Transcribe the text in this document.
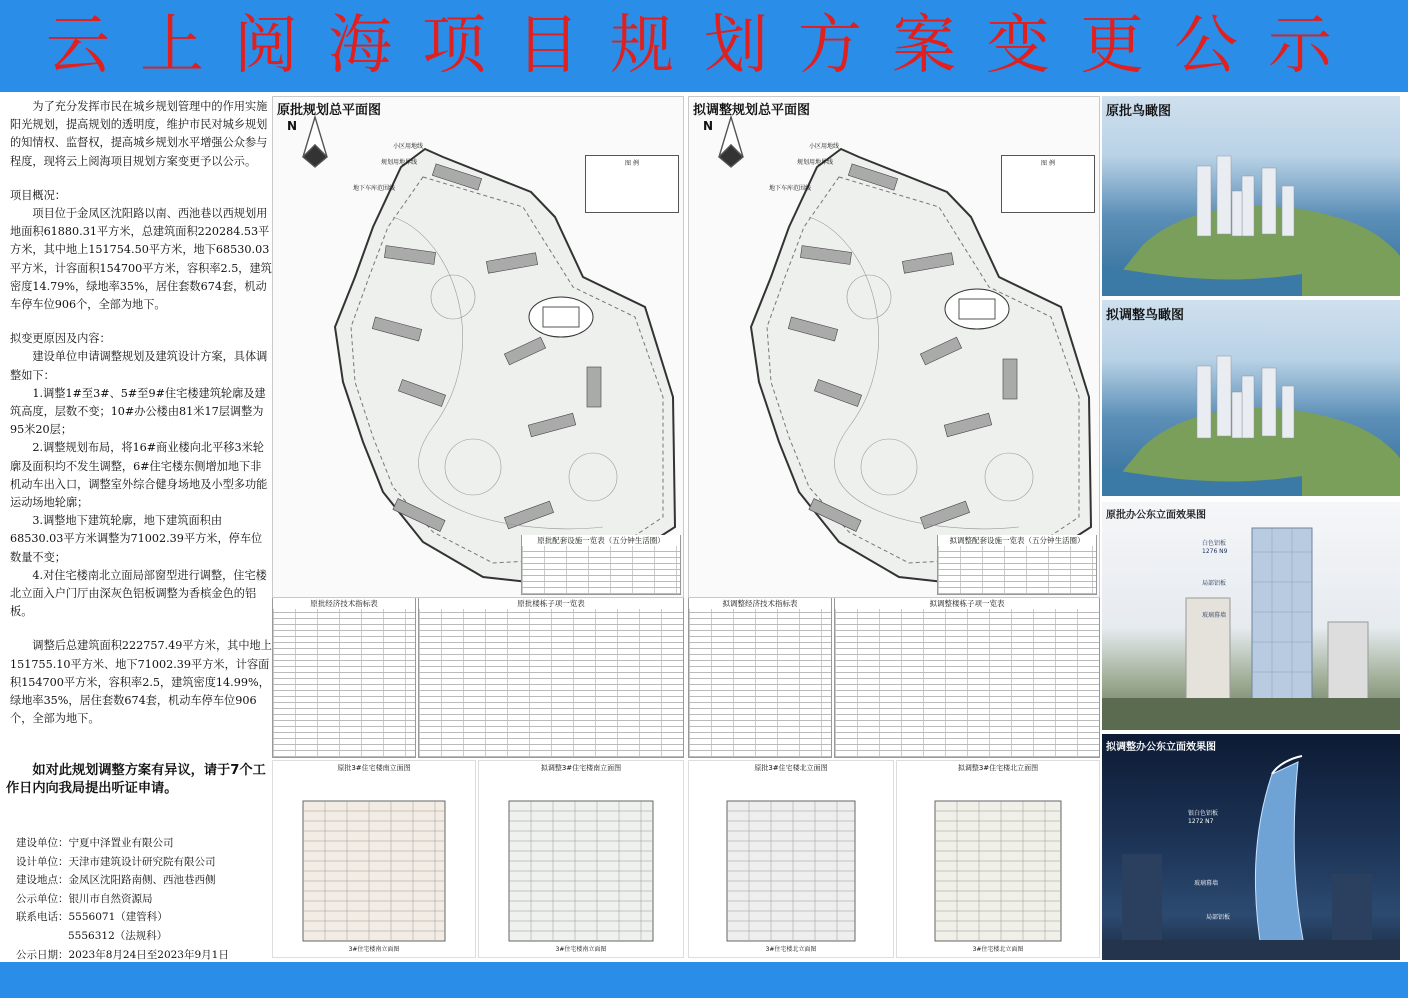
云上阅海项目规划方案变更公示

为了充分发挥市民在城乡规划管理中的作用实施阳光规划，提高规划的透明度，维护市民对城乡规划的知情权、监督权，提高城乡规划水平增强公众参与程度，现将云上阅海项目规划方案变更予以公示。

项目概况：

项目位于金凤区沈阳路以南、西池巷以西规划用地面积61880.31平方米，总建筑面积220284.53平方米，其中地上151754.50平方米，地下68530.03平方米，计容面积154700平方米，容积率2.5，建筑密度14.79%，绿地率35%，居住套数674套，机动车停车位906个，全部为地下。

拟变更原因及内容：

建设单位申请调整规划及建筑设计方案，具体调整如下：

1.调整1#至3#、5#至9#住宅楼建筑轮廓及建筑高度，层数不变；10#办公楼由81米17层调整为95米20层；

2.调整规划布局，将16#商业楼向北平移3米轮廓及面积均不发生调整，6#住宅楼东侧增加地下非机动车出入口，调整室外综合健身场地及小型多功能运动场地轮廓；

3.调整地下建筑轮廓，地下建筑面积由68530.03平方米调整为71002.39平方米，停车位数量不变；

4.对住宅楼南北立面局部窗型进行调整，住宅楼北立面入户门厅由深灰色铝板调整为香槟金色的铝板。

调整后总建筑面积222757.49平方米，其中地上151755.10平方米、地下71002.39平方米，计容面积154700平方米，容积率2.5，建筑密度14.99%，绿地率35%，居住套数674套，机动车停车位906个，全部为地下。

如对此规划调整方案有异议，请于7个工作日内向我局提出听证申请。
建设单位：宁夏中泽置业有限公司
设计单位：天津市建筑设计研究院有限公司
建设地点：金凤区沈阳路南侧、西池巷西侧
公示单位：银川市自然资源局
联系电话：5556071（建管科）
5556312（法规科）
公示日期：2023年8月24日至2023年9月1日
原批规划总平面图
N
小区用地线
规划用地界线
地下车库范围线
图 例
原批配套设施一览表（五分钟生活圈）
拟调整规划总平面图
N
小区用地线
规划用地界线
地下车库范围线
图 例
拟调整配套设施一览表（五分钟生活圈）
原批经济技术指标表	原批楼栋子项一览表	拟调整经济技术指标表	拟调整楼栋子项一览表
原批3#住宅楼南立面图
3#住宅楼南立面图
拟调整3#住宅楼南立面图
3#住宅楼南立面图
原批3#住宅楼北立面图
3#住宅楼北立面图
拟调整3#住宅楼北立面图
3#住宅楼北立面图
原批鸟瞰图
拟调整鸟瞰图
原批办公东立面效果图
白色铝板
1276 N9
局部铝板
玻璃幕墙
拟调整办公东立面效果图
银白色铝板
1272 N7
玻璃幕墙
局部铝板
